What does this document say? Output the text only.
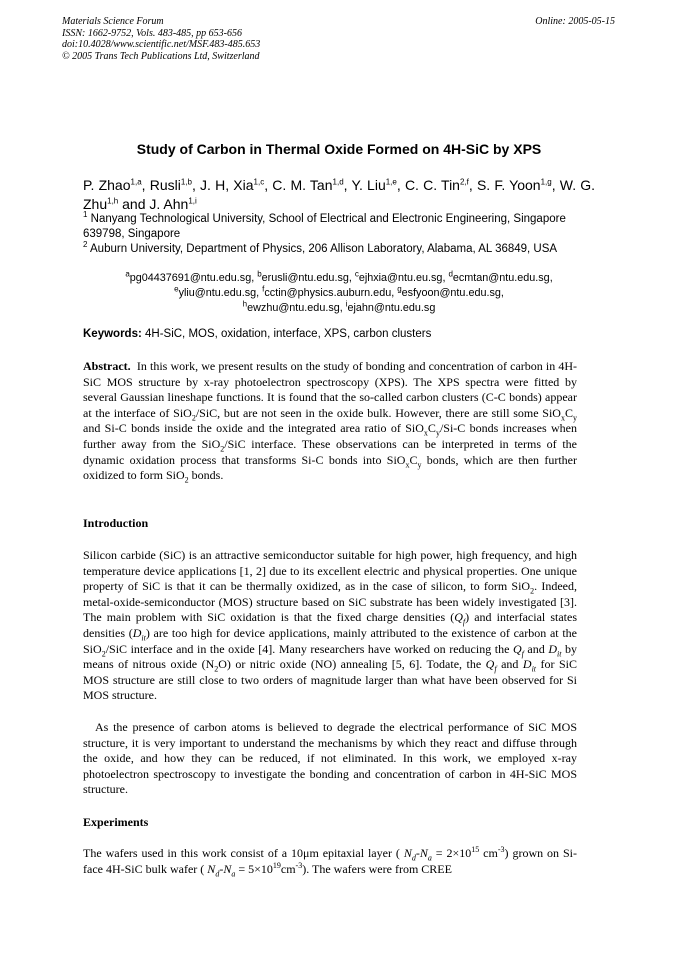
Materials Science Forum
ISSN: 1662-9752, Vols. 483-485, pp 653-656
doi:10.4028/www.scientific.net/MSF.483-485.653
© 2005 Trans Tech Publications Ltd, Switzerland
Online: 2005-05-15
Study of Carbon in Thermal Oxide Formed on 4H-SiC by XPS
P. Zhao$^{1,a}$, Rusli$^{1,b}$, J. H, Xia$^{1,c}$, C. M. Tan$^{1,d}$, Y. Liu$^{1,e}$, C. C. Tin$^{2,f}$, S. F. Yoon$^{1,g}$, W. G. Zhu$^{1,h}$ and J. Ahn$^{1,i}$
$^1$ Nanyang Technological University, School of Electrical and Electronic Engineering, Singapore 639798, Singapore
$^2$ Auburn University, Department of Physics, 206 Allison Laboratory, Alabama, AL 36849, USA
$^a$pg04437691@ntu.edu.sg, $^b$erusli@ntu.edu.sg, $^c$ejhxia@ntu.eu.sg, $^d$ecmtan@ntu.edu.sg,
$^e$yliu@ntu.edu.sg, $^f$cctin@physics.auburn.edu, $^g$esfyoon@ntu.edu.sg,
$^h$ewzhu@ntu.edu.sg, $^i$ejahn@ntu.edu.sg
Keywords: 4H-SiC, MOS, oxidation, interface, XPS, carbon clusters
Abstract. In this work, we present results on the study of bonding and concentration of carbon in 4H-SiC MOS structure by x-ray photoelectron spectroscopy (XPS). The XPS spectra were fitted by several Gaussian lineshape functions. It is found that the so-called carbon clusters (C-C bonds) appear at the interface of SiO$_2$/SiC, but are not seen in the oxide bulk. However, there are still some $SiO_xC_y$ and Si-C bonds inside the oxide and the integrated area ratio of $SiO_xC_y/Si-C$ bonds increases when further away from the SiO$_2$/SiC interface. These observations can be interpreted in terms of the dynamic oxidation process that transforms Si-C bonds into $SiO_xC_y$ bonds, which are then further oxidized to form SiO$_2$ bonds.
Introduction
Silicon carbide (SiC) is an attractive semiconductor suitable for high power, high frequency, and high temperature device applications [1, 2] due to its excellent electric and physical properties. One unique property of SiC is that it can be thermally oxidized, as in the case of silicon, to form SiO$_2$. Indeed, metal-oxide-semiconductor (MOS) structure based on SiC substrate has been widely investigated [3]. The main problem with SiC oxidation is that the fixed charge densities $(Q_f)$ and interfacial states densities $(D_{it})$ are too high for device applications, mainly attributed to the existence of carbon at the SiO$_2$/SiC interface and in the oxide [4]. Many researchers have worked on reducing the $Q_f$ and $D_{it}$ by means of nitrous oxide $(N_2O)$ or nitric oxide (NO) annealing [5, 6]. Todate, the $Q_f$ and $D_{it}$ for SiC MOS structure are still close to two orders of magnitude larger than what have been observed for Si MOS structure.
As the presence of carbon atoms is believed to degrade the electrical performance of SiC MOS structure, it is very important to understand the mechanisms by which they react and diffuse through the oxide, and how they can be reduced, if not eliminated. In this work, we employed x-ray photoelectron spectroscopy to investigate the bonding and concentration of carbon in 4H-SiC MOS structure.
Experiments
The wafers used in this work consist of a 10μm epitaxial layer ( $N_d-N_a = 2\times 10^{15}$ $cm^{-3}$) grown on Si-face 4H-SiC bulk wafer ( $N_d-N_a = 5\times 10^{19}cm^{-3}$). The wafers were from CREE
